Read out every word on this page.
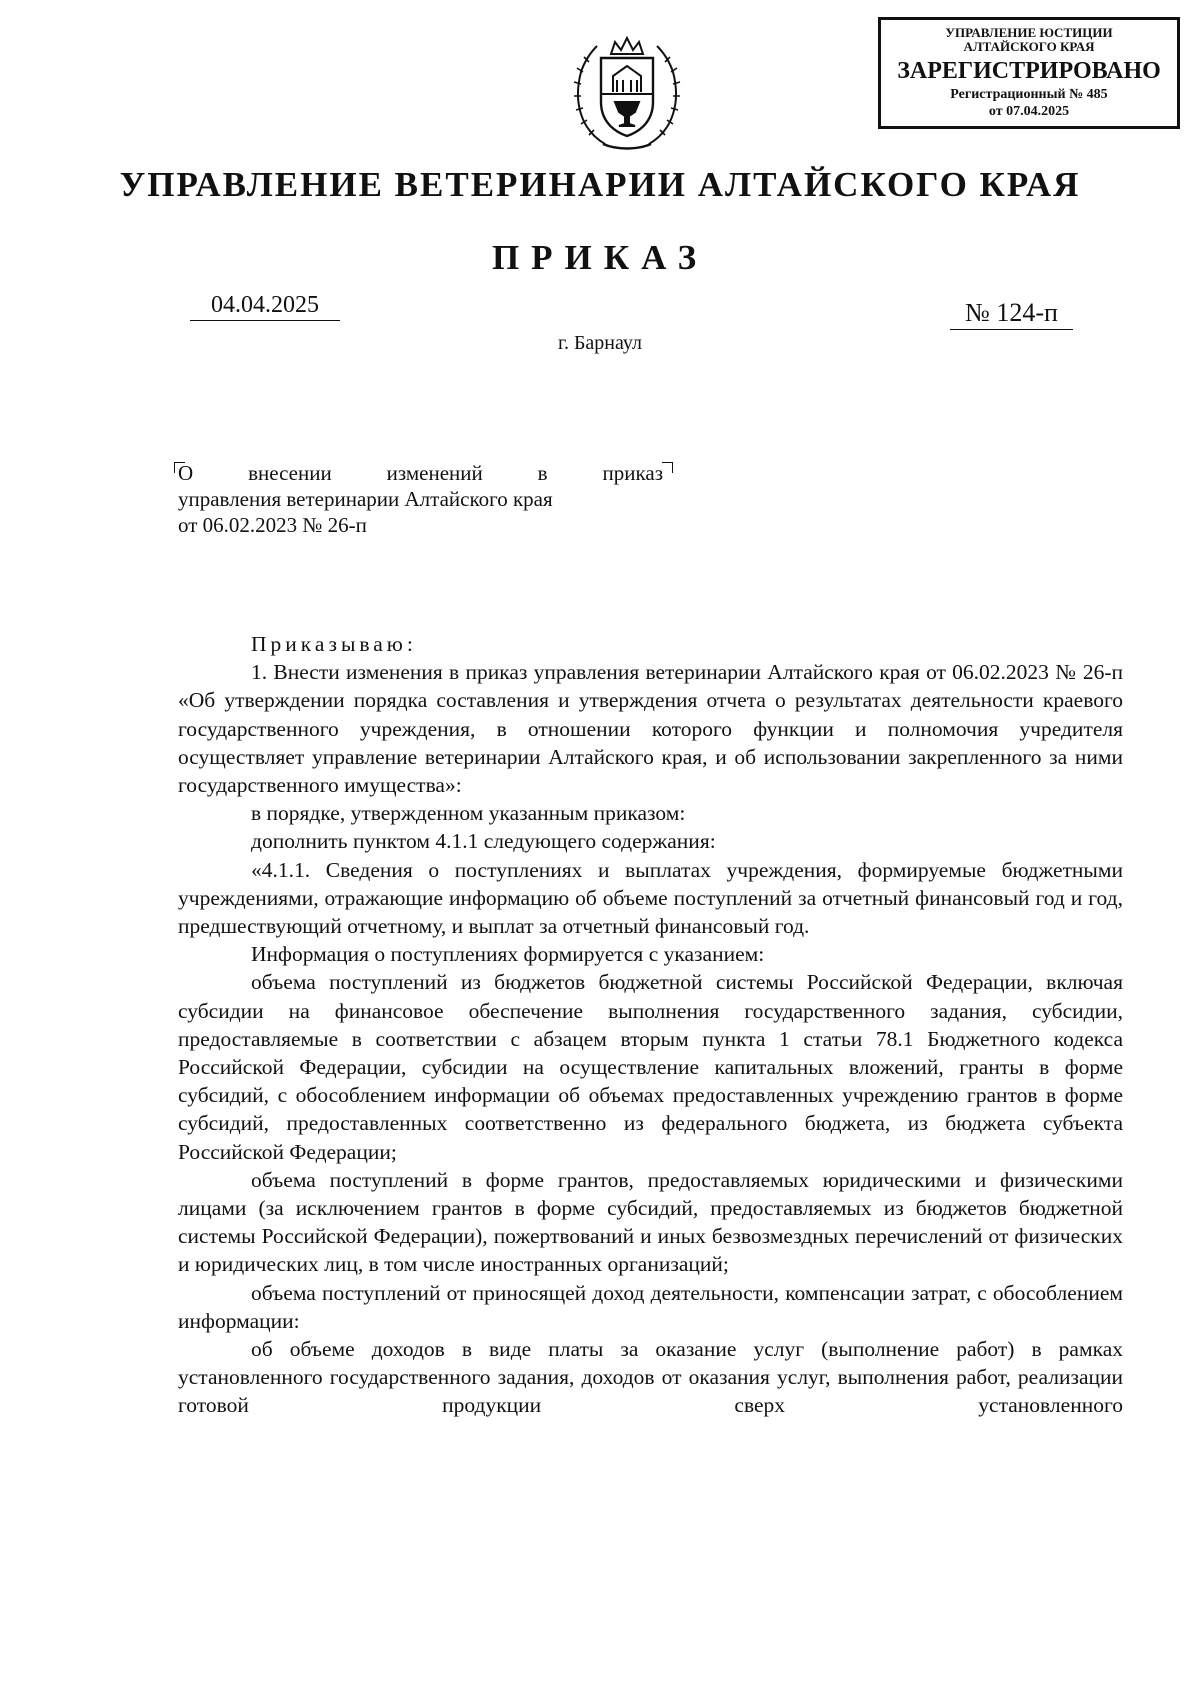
УПРАВЛЕНИЕ ЮСТИЦИИ
АЛТАЙСКОГО КРАЯ
ЗАРЕГИСТРИРОВАНО
Регистрационный № 485
от 07.04.2025
УПРАВЛЕНИЕ ВЕТЕРИНАРИИ АЛТАЙСКОГО КРАЯ
ПРИКАЗ
04.04.2025	№ 124-п
г. Барнаул
О внесении изменений в приказ
управления ветеринарии Алтайского края
от 06.02.2023 № 26-п

Приказываю:

1. Внести изменения в приказ управления ветеринарии Алтайского края от 06.02.2023 № 26-п «Об утверждении порядка составления и утверждения отчета о результатах деятельности краевого государственного учреждения, в отношении которого функции и полномочия учредителя осуществляет управление ветеринарии Алтайского края, и об использовании закрепленного за ними государственного имущества»:

в порядке, утвержденном указанным приказом:

дополнить пунктом 4.1.1 следующего содержания:

«4.1.1. Сведения о поступлениях и выплатах учреждения, формируемые бюджетными учреждениями, отражающие информацию об объеме поступлений за отчетный финансовый год и год, предшествующий отчетному, и выплат за отчетный финансовый год.

Информация о поступлениях формируется с указанием:

объема поступлений из бюджетов бюджетной системы Российской Федерации, включая субсидии на финансовое обеспечение выполнения государственного задания, субсидии, предоставляемые в соответствии с абзацем вторым пункта 1 статьи 78.1 Бюджетного кодекса Российской Федерации, субсидии на осуществление капитальных вложений, гранты в форме субсидий, с обособлением информации об объемах предоставленных учреждению грантов в форме субсидий, предоставленных соответственно из федерального бюджета, из бюджета субъекта Российской Федерации;

объема поступлений в форме грантов, предоставляемых юридическими и физическими лицами (за исключением грантов в форме субсидий, предоставляемых из бюджетов бюджетной системы Российской Федерации), пожертвований и иных безвозмездных перечислений от физических и юридических лиц, в том числе иностранных организаций;

объема поступлений от приносящей доход деятельности, компенсации затрат, с обособлением информации:

об объеме доходов в виде платы за оказание услуг (выполнение работ) в рамках установленного государственного задания, доходов от оказания услуг, выполнения работ, реализации готовой продукции сверх установленного
